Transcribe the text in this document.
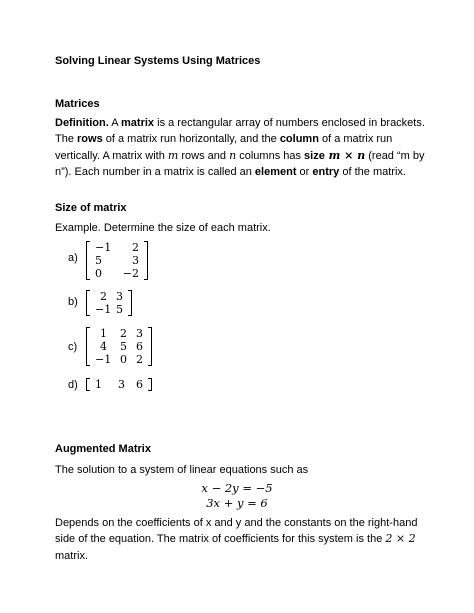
Solving Linear Systems Using Matrices
Matrices
Definition. A matrix is a rectangular array of numbers enclosed in brackets. The rows of a matrix run horizontally, and the column of a matrix run vertically. A matrix with m rows and n columns has size m × n (read “m by n”). Each number in a matrix is called an element or entry of the matrix.
Size of matrix
Example. Determine the size of each matrix.
a)
−1	2
5	3
0	−2
b)	2 3
−1 5
c)
1	2 3
4	5 6
−1 0 2
d)	1	3	6
Augmented Matrix
The solution to a system of linear equations such as
x − 2y = −5
3x + y = 6
Depends on the coefficients of x and y and the constants on the right-hand side of the equation. The matrix of coefficients for this system is the 2 × 2 matrix.
